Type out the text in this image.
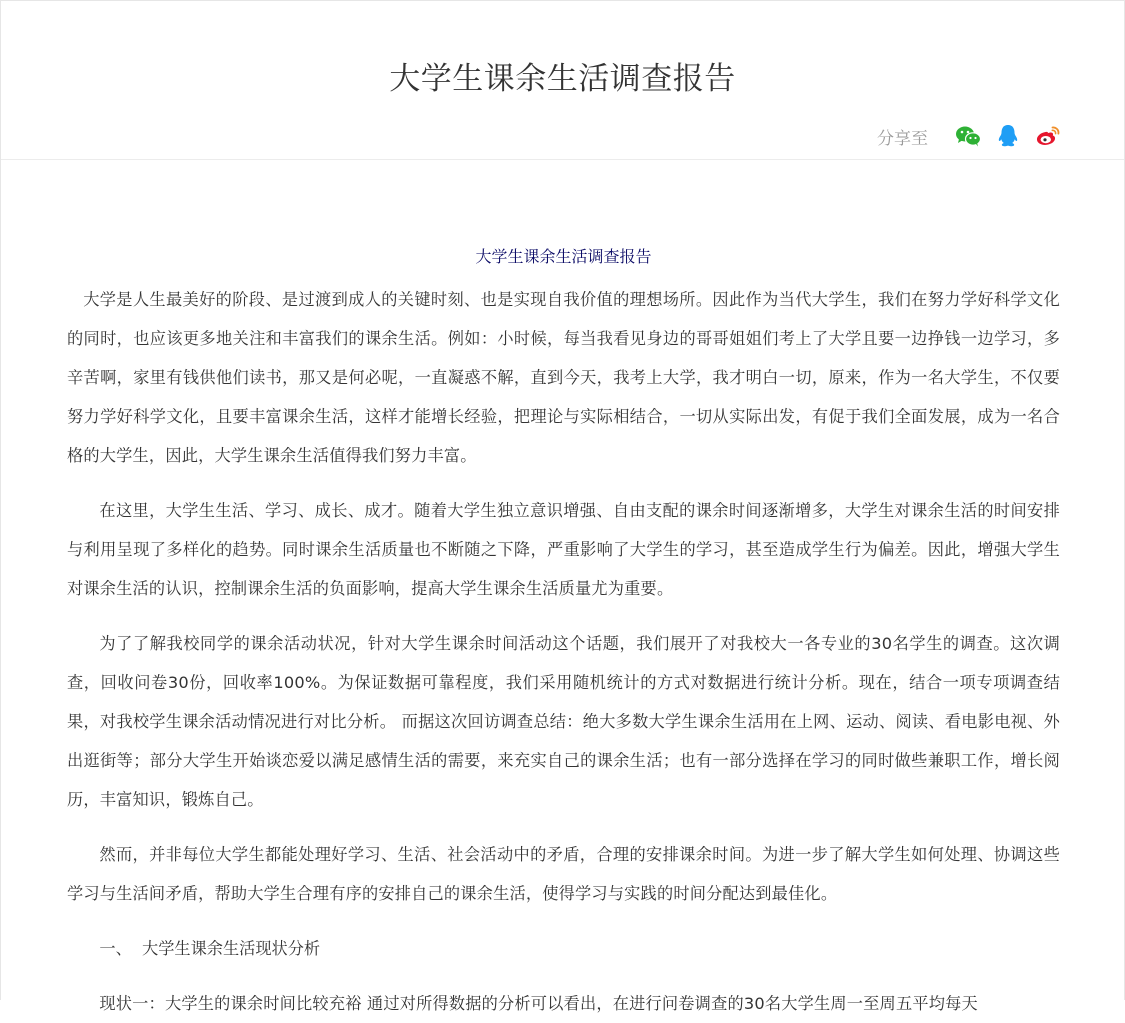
大学生课余生活调查报告
分享至
大学生课余生活调查报告

大学是人生最美好的阶段、是过渡到成人的关键时刻、也是实现自我价值的理想场所。因此作为当代大学生，我们在努力学好科学文化的同时，也应该更多地关注和丰富我们的课余生活。例如：小时候，每当我看见身边的哥哥姐姐们考上了大学且要一边挣钱一边学习，多辛苦啊，家里有钱供他们读书，那又是何必呢，一直凝惑不解，直到今天，我考上大学，我才明白一切，原来，作为一名大学生，不仅要努力学好科学文化，且要丰富课余生活，这样才能增长经验，把理论与实际相结合，一切从实际出发，有促于我们全面发展，成为一名合格的大学生，因此，大学生课余生活值得我们努力丰富。

在这里，大学生生活、学习、成长、成才。随着大学生独立意识增强、自由支配的课余时间逐渐增多，大学生对课余生活的时间安排与利用呈现了多样化的趋势。同时课余生活质量也不断随之下降，严重影响了大学生的学习，甚至造成学生行为偏差。因此，增强大学生对课余生活的认识，控制课余生活的负面影响，提高大学生课余生活质量尤为重要。

为了了解我校同学的课余活动状况，针对大学生课余时间活动这个话题，我们展开了对我校大一各专业的30名学生的调查。这次调查，回收问卷30份，回收率100%。为保证数据可靠程度，我们采用随机统计的方式对数据进行统计分析。现在，结合一项专项调查结果，对我校学生课余活动情况进行对比分析。 而据这次回访调查总结：绝大多数大学生课余生活用在上网、运动、阅读、看电影电视、外出逛街等；部分大学生开始谈恋爱以满足感情生活的需要，来充实自己的课余生活；也有一部分选择在学习的同时做些兼职工作，增长阅历，丰富知识，锻炼自己。

然而，并非每位大学生都能处理好学习、生活、社会活动中的矛盾，合理的安排课余时间。为进一步了解大学生如何处理、协调这些学习与生活间矛盾，帮助大学生合理有序的安排自己的课余生活，使得学习与实践的时间分配达到最佳化。

一、  大学生课余生活现状分析

现状一：大学生的课余时间比较充裕 通过对所得数据的分析可以看出，在进行问卷调查的30名大学生周一至周五平均每天
